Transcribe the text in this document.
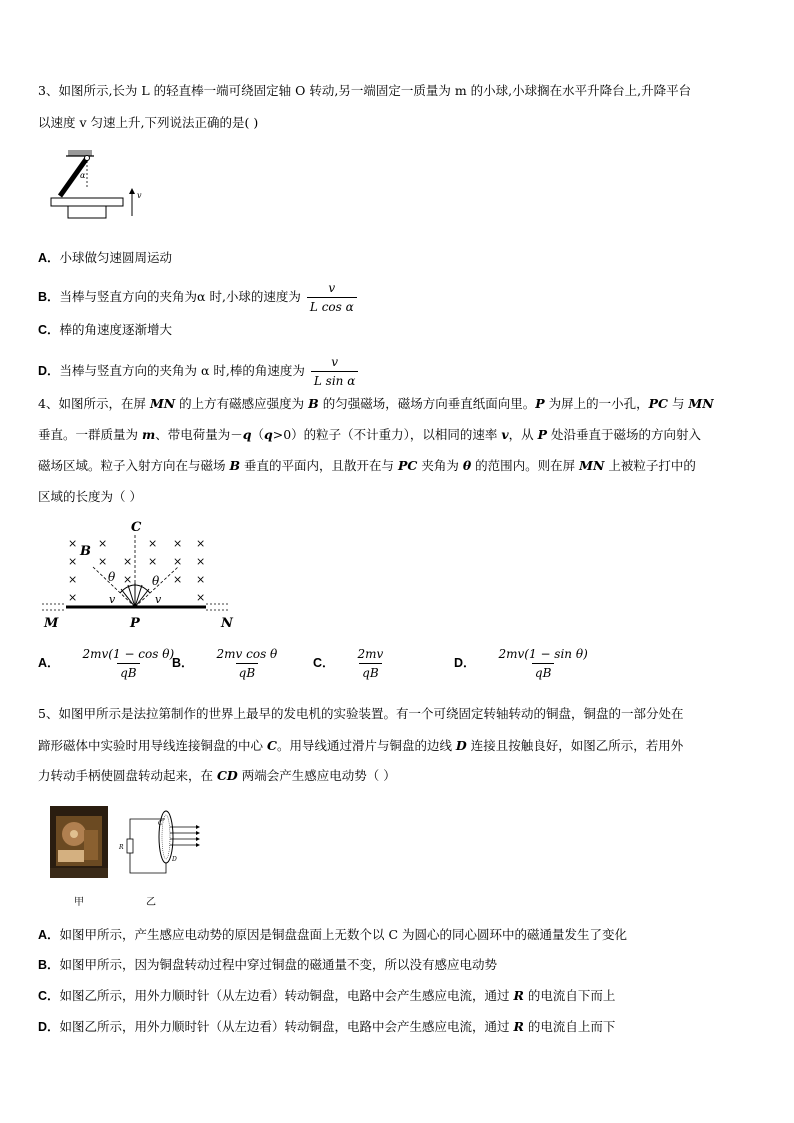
3、如图所示,长为 L 的轻直棒一端可绕固定轴 O 转动,另一端固定一质量为 m 的小球,小球搁在水平升降台上,升降平台
以速度 v 匀速上升,下列说法正确的是( )
α
v
A．小球做匀速圆周运动
B．当棒与竖直方向的夹角为α 时,小球的速度为 $\frac{v}{\text{L cos α}}$
C．棒的角速度逐渐增大
D．当棒与竖直方向的夹角为 α 时,棒的角速度为 $\frac{v}{\text{L sin α}}$
4、如图所示，在屏 MN 的上方有磁感应强度为 B 的匀强磁场，磁场方向垂直纸面向里。P 为屏上的一小孔，PC 与 MN
垂直。一群质量为 m、带电荷量为－q（q>0）的粒子（不计重力），以相同的速率 v，从 P 处沿垂直于磁场的方向射入
磁场区域。粒子入射方向在与磁场 B 垂直的平面内，且散开在与 PC 夹角为 θ 的范围内。则在屏 MN 上被粒子打中的
区域的长度为（ ）
× ×	× × ×
× × × × × ×
×	×	× ×
×	×
C
B
θ	θ
v	v
M	P	N
A． $\frac{\text{2mv(1 − cos θ)}}{qB}$
B． $\frac{\text{2mv cos θ}}{qB}$	C． $\frac{2mv}{qB}$	D． $\frac{\text{2mv(1 − sin θ)}}{qB}$
5、如图甲所示是法拉第制作的世界上最早的发电机的实验装置。有一个可绕固定转轴转动的铜盘，铜盘的一部分处在
蹄形磁体中实验时用导线连接铜盘的中心 C。用导线通过滑片与铜盘的边线 D 连接且按触良好，如图乙所示，若用外
力转动手柄使圆盘转动起来，在 CD 两端会产生感应电动势（ ）
甲
R
C
D
乙
A．如图甲所示，产生感应电动势的原因是铜盘盘面上无数个以 C 为圆心的同心圆环中的磁通量发生了变化
B．如图甲所示，因为铜盘转动过程中穿过铜盘的磁通量不变，所以没有感应电动势
C．如图乙所示，用外力顺时针（从左边看）转动铜盘，电路中会产生感应电流，通过 R 的电流自下而上
D．如图乙所示，用外力顺时针（从左边看）转动铜盘，电路中会产生感应电流，通过 R 的电流自上而下
